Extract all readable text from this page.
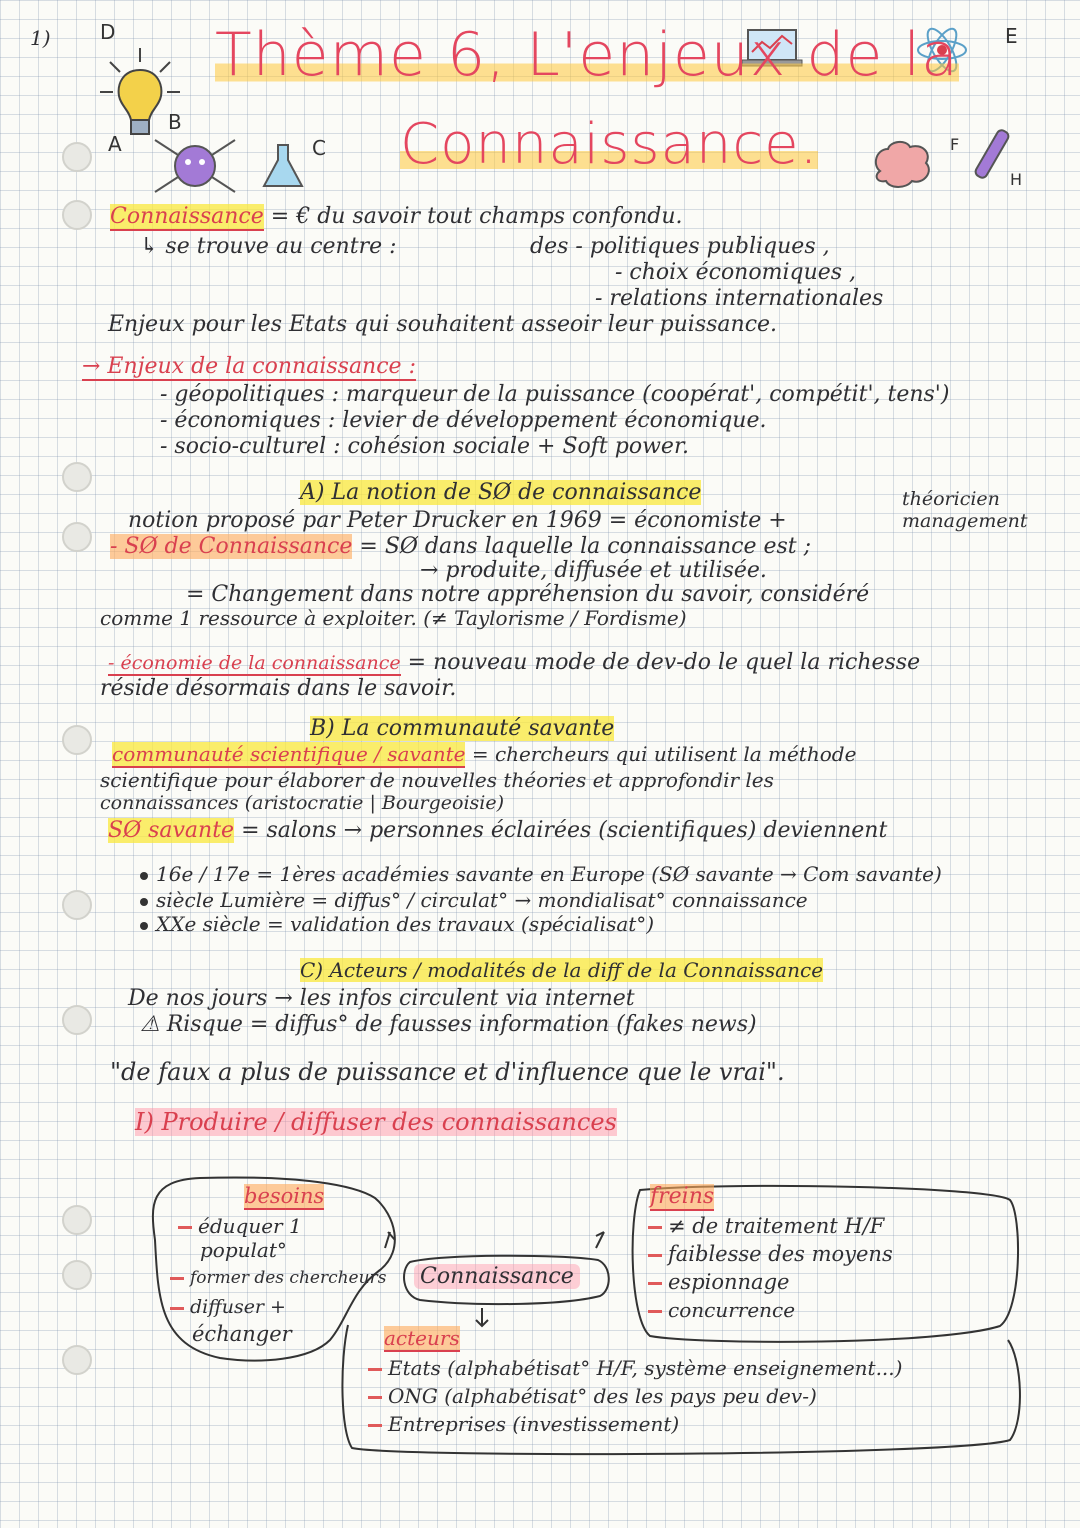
1) D
A
B
C
E
F
H
Thème 6, L'enjeux de la
Connaissance.
Connaissance = € du savoir tout champs confondu.
↳ se trouve au centre :	des - politiques publiques ,
- choix économiques ,
- relations internationales
Enjeux pour les Etats qui souhaitent asseoir leur puissance.
→ Enjeux de la connaissance :
- géopolitiques : marqueur de la puissance (coopérat', compétit', tens')
- économiques : levier de développement économique.
- socio-culturel : cohésion sociale + Soft power.
A) La notion de SØ de connaissance	théoricien
management
notion proposé par Peter Drucker en 1969 = économiste +
- SØ de Connaissance = SØ dans laquelle la connaissance est ;
→ produite, diffusée et utilisée.
= Changement dans notre appréhension du savoir, considéré
comme 1 ressource à exploiter. (≠ Taylorisme / Fordisme)
- économie de la connaissance = nouveau mode de dev-do le quel la richesse
réside désormais dans le savoir.
B) La communauté savante
communauté scientifique / savante = chercheurs qui utilisent la méthode
scientifique pour élaborer de nouvelles théories et approfondir les
connaissances (aristocratie | Bourgeoisie)
SØ savante = salons → personnes éclairées (scientifiques) deviennent
16e / 17e = 1ères académies savante en Europe (SØ savante → Com savante)
siècle Lumière = diffus° / circulat° → mondialisat° connaissance
XXe siècle = validation des travaux (spécialisat°)
C) Acteurs / modalités de la diff de la Connaissance
De nos jours → les infos circulent via internet
⚠ Risque = diffus° de fausses information (fakes news)
"de faux a plus de puissance et d'influence que le vrai".
I) Produire / diffuser des connaissances
besoins
éduquer 1
populat°
former des chercheurs
diffuser +
échanger
Connaissance
freins
≠ de traitement H/F
faiblesse des moyens
espionnage
concurrence
acteurs
Etats (alphabétisat° H/F, système enseignement...)
ONG (alphabétisat° des les pays peu dev-)
Entreprises (investissement)
